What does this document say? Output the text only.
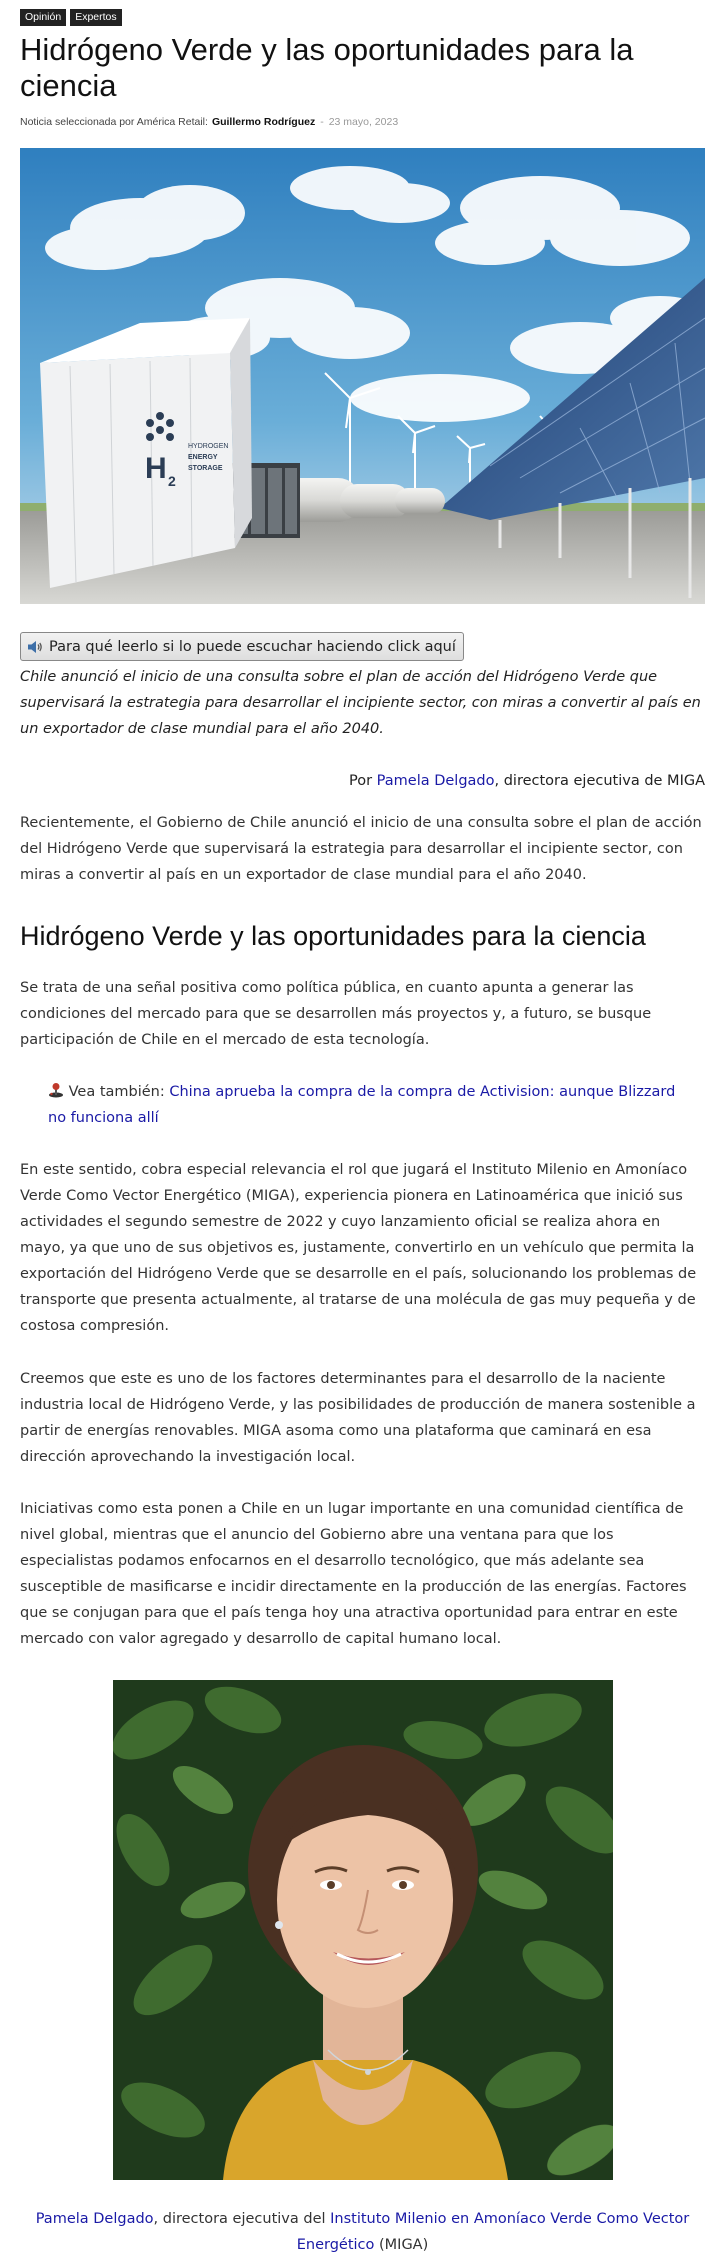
Opinión	Expertos
Hidrógeno Verde y las oportunidades para la ciencia
Noticia seleccionada por América Retail: Guillermo Rodríguez - 23 mayo, 2023
H 2
HYDROGEN
ENERGY
STORAGE
Para qué leerlo si lo puede escuchar haciendo click aquí

Chile anunció el inicio de una consulta sobre el plan de acción del Hidrógeno Verde que supervisará la estrategia para desarrollar el incipiente sector, con miras a convertir al país en un exportador de clase mundial para el año 2040.

Por Pamela Delgado, directora ejecutiva de MIGA

Recientemente, el Gobierno de Chile anunció el inicio de una consulta sobre el plan de acción del Hidrógeno Verde que supervisará la estrategia para desarrollar el incipiente sector, con miras a convertir al país en un exportador de clase mundial para el año 2040.

Hidrógeno Verde y las oportunidades para la ciencia

Se trata de una señal positiva como política pública, en cuanto apunta a generar las condiciones del mercado para que se desarrollen más proyectos y, a futuro, se busque participación de Chile en el mercado de esta tecnología.

Vea también: China aprueba la compra de la compra de Activision: aunque Blizzard no funciona allí

En este sentido, cobra especial relevancia el rol que jugará el Instituto Milenio en Amoníaco Verde Como Vector Energético (MIGA), experiencia pionera en Latinoamérica que inició sus actividades el segundo semestre de 2022 y cuyo lanzamiento oficial se realiza ahora en mayo, ya que uno de sus objetivos es, justamente, convertirlo en un vehículo que permita la exportación del Hidrógeno Verde que se desarrolle en el país, solucionando los problemas de transporte que presenta actualmente, al tratarse de una molécula de gas muy pequeña y de costosa compresión.

Creemos que este es uno de los factores determinantes para el desarrollo de la naciente industria local de Hidrógeno Verde, y las posibilidades de producción de manera sostenible a partir de energías renovables. MIGA asoma como una plataforma que caminará en esa dirección aprovechando la investigación local.

Iniciativas como esta ponen a Chile en un lugar importante en una comunidad científica de nivel global, mientras que el anuncio del Gobierno abre una ventana para que los especialistas podamos enfocarnos en el desarrollo tecnológico, que más adelante sea susceptible de masificarse e incidir directamente en la producción de las energías. Factores que se conjugan para que el país tenga hoy una atractiva oportunidad para entrar en este mercado con valor agregado y desarrollo de capital humano local.

Pamela Delgado, directora ejecutiva del Instituto Milenio en Amoníaco Verde Como Vector Energético (MIGA)
